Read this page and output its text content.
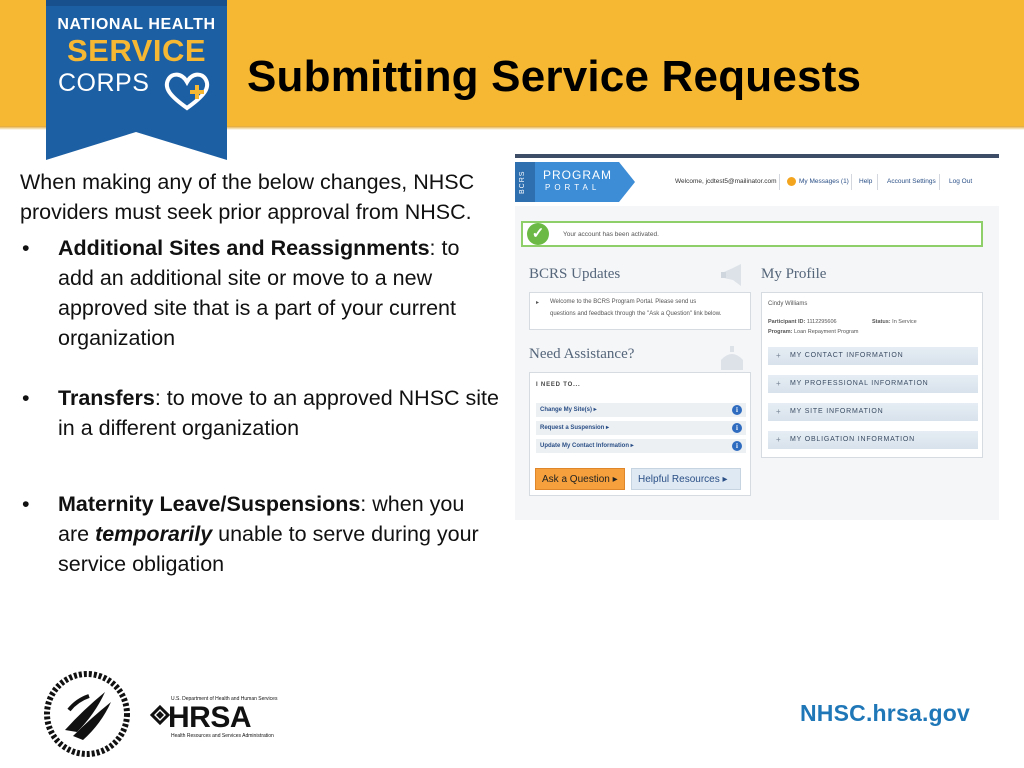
NATIONAL HEALTH
SERVICE
CORPS Submitting Service Requests
When making any of the below changes, NHSC providers must seek prior approval from NHSC.
• Additional Sites and Reassignments: to add an additional site or move to a new approved site that is a part of your current organization
• Transfers: to move to an approved NHSC site in a different organization
• Maternity Leave/Suspensions: when you are temporarily unable to serve during your service obligation
BCRS	PROGRAM
PORTAL
Welcome, jcdtest5@mailinator.com	My Messages (1) Help Account Settings Log Out
✓	Your account has been activated.
BCRS Updates
▸ Welcome to the BCRS Program Portal. Please send us
questions and feedback through the "Ask a Question" link below.
Need Assistance?
I NEED TO...
Change My Site(s) ▸	i
Request a Suspension ▸	i
Update My Contact Information ▸	i
Ask a Question ▸	Helpful Resources ▸
My Profile
Cindy Williams
Participant ID: 1112295606	Status: In Service
Program: Loan Repayment Program
+ MY CONTACT INFORMATION
+ MY PROFESSIONAL INFORMATION
+ MY SITE INFORMATION
+ MY OBLIGATION INFORMATION
U.S. Department of Health and Human Services
HRSA
Health Resources and Services Administration
NHSC.hrsa.gov
